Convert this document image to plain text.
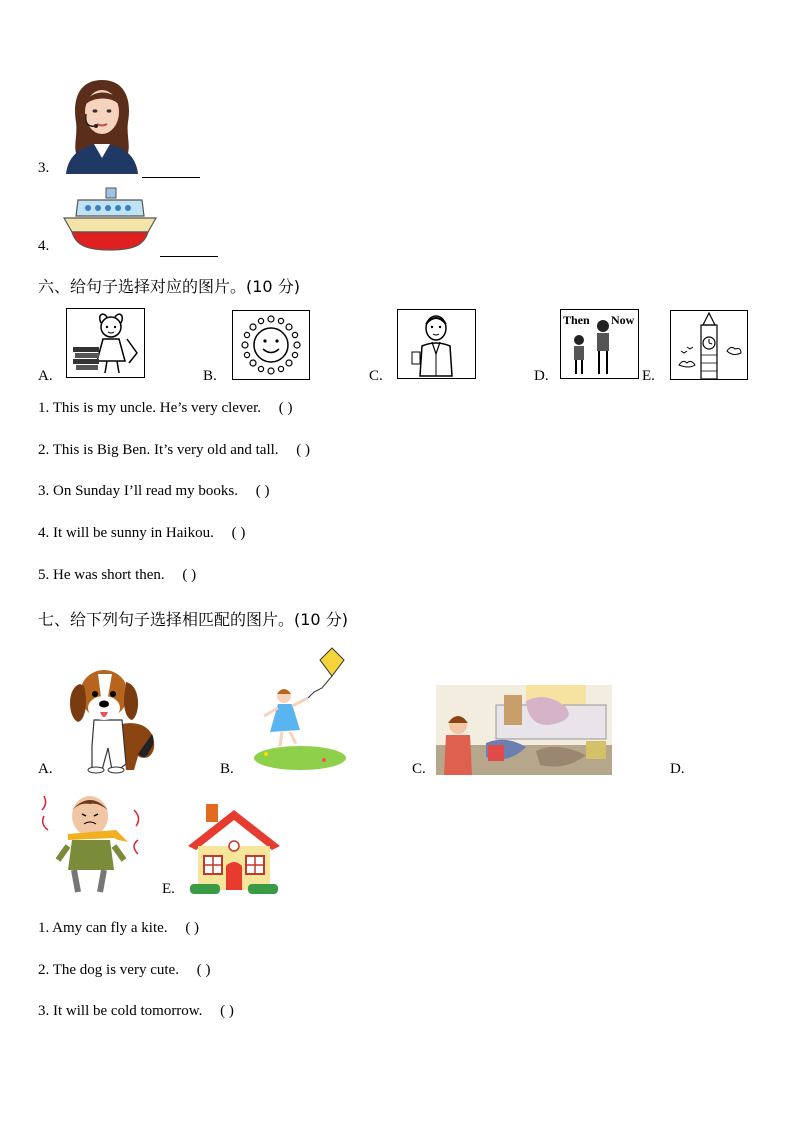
3.
4.
六、给句子选择对应的图片。(10 分)
A.	B.	C.	D.
Then Now
E.
1. This is my uncle. He’s very clever. ( )
2. This is Big Ben. It’s very old and tall. ( )
3. On Sunday I’ll read my books. ( )
4. It will be sunny in Haikou. ( )
5. He was short then. ( )
七、给下列句子选择相匹配的图片。(10 分)
A.	B.	C.	D.
E.
1. Amy can fly a kite. ( )
2. The dog is very cute. ( )
3. It will be cold tomorrow. ( )
